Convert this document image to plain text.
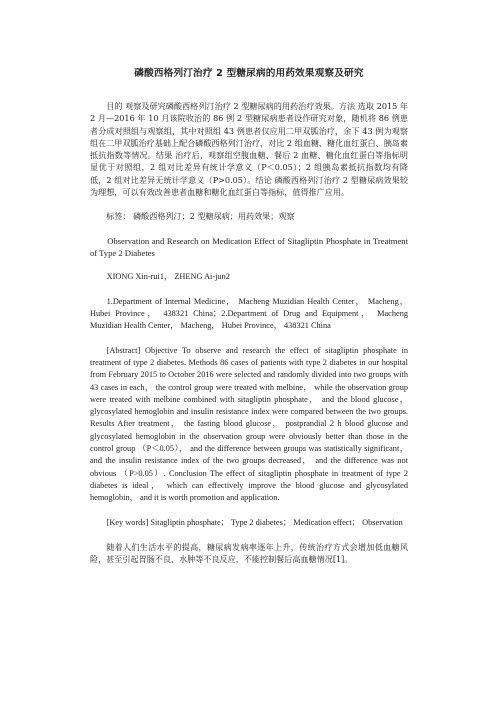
磷酸西格列汀治疗 2 型糖尿病的用药效果观察及研究

目的 观察及研究磷酸西格列汀治疗 2 型糖尿病的用药治疗效果。方法 选取 2015 年 2 月—2016 年 10 月该院收治的 86 例 2 型糖尿病患者设作研究对象，随机将 86 例患者分成对照组与观察组，其中对照组 43 例患者仅应用二甲双胍治疗，余下 43 例为观察组在二甲双胍治疗基础上配合磷酸西格列汀治疗，对比 2 组血糖、糖化血红蛋白、胰岛素抵抗指数等情况。结果 治疗后，观察组空腹血糖、餐后 2 血糖、糖化血红蛋白等指标明显优于对照组，2 组对比差异有统计学意义（P＜0.05）；2 组胰岛素抵抗指数均有降低，2 组对比差异无统计学意义（P>0.05）。结论 磷酸西格列汀治疗 2 型糖尿病效果较为理想，可以有效改善患者血糖和糖化血红蛋白等指标，值得推广应用。

标签： 磷酸西格列汀；2 型糖尿病；用药效果；观察

Observation and Research on Medication Effect of Sitagliptin Phosphate in Treatment of Type 2 Diabetes

XIONG Xin-rui1， ZHENG Ai-jun2

1.Department of Internal Medicine， Macheng Muzidian Health Center， Macheng， Hubei Province， 438321 China；2.Department of Drug and Equipment， Macheng Muzidian Health Center， Macheng， Hubei Province， 438321 China

[Abstract] Objective To observe and research the effect of sitagliptin phosphate in treatment of type 2 diabetes. Methods 86 cases of patients with type 2 diabetes in our hospital from February 2015 to October 2016 were selected and randomly divided into two groups with 43 cases in each， the control group were treated with melbine， while the observation group were treated with melbine combined with sitagliptin phosphate， and the blood glucose， glycosylated hemoglobin and insulin resistance index were compared between the two groups. Results After treatment， the fasting blood glucose， postprandial 2 h blood glucose and glycosylated hemoglobin in the observation group were obviously better than those in the control group （P＜0.05）， and the difference between groups was statistically significant， and the insulin resistance index of the two groups decreased， and the difference was not obvious （P>0.05）. Conclusion The effect of sitagliptin phosphate in treatment of type 2 diabetes is ideal， which can effectively improve the blood glucose and glycosylated hemoglobin， and it is worth promotion and application.

[Key words] Sitagliptin phosphate； Type 2 diabetes； Medication effect； Observation

随着人们生活水平的提高，糖尿病发病率逐年上升，传统治疗方式会增加低血糖风险，甚至引起胃肠不良、水肿等不良反应，不能控制餐后高血糖情况[1]。
